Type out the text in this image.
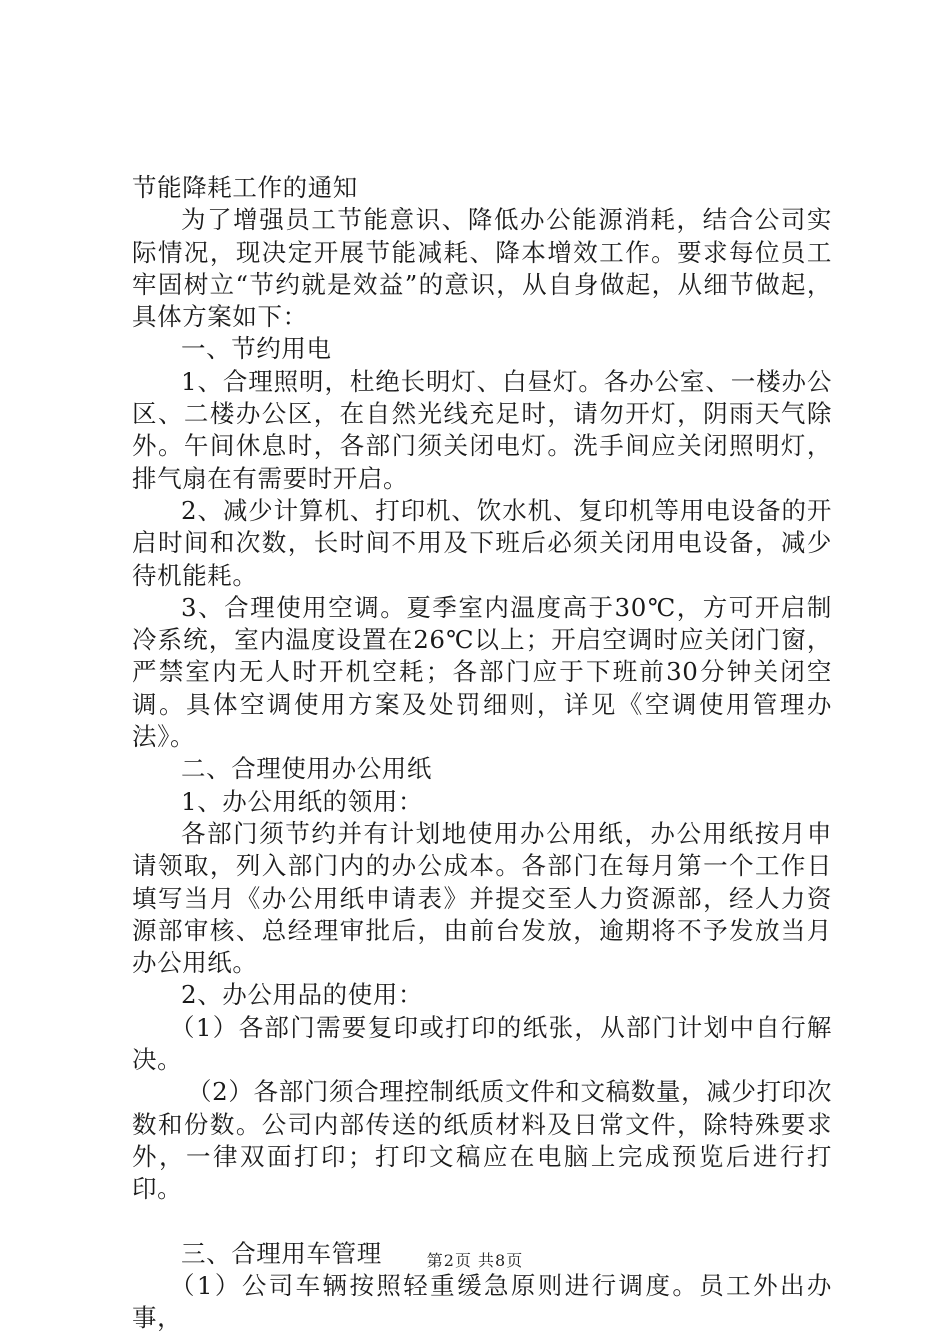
节能降耗工作的通知

为了增强员工节能意识、降低办公能源消耗，结合公司实际情况，现决定开展节能减耗、降本增效工作。要求每位员工牢固树立“节约就是效益”的意识，从自身做起，从细节做起，具体方案如下：

一、节约用电

1、合理照明，杜绝长明灯、白昼灯。各办公室、一楼办公区、二楼办公区，在自然光线充足时，请勿开灯，阴雨天气除外。午间休息时，各部门须关闭电灯。洗手间应关闭照明灯，排气扇在有需要时开启。

2、减少计算机、打印机、饮水机、复印机等用电设备的开启时间和次数，长时间不用及下班后必须关闭用电设备，减少待机能耗。

3、合理使用空调。夏季室内温度高于30℃，方可开启制冷系统，室内温度设置在26℃以上；开启空调时应关闭门窗，严禁室内无人时开机空耗；各部门应于下班前30分钟关闭空调。具体空调使用方案及处罚细则，详见《空调使用管理办法》。

二、合理使用办公用纸

1、办公用纸的领用：

各部门须节约并有计划地使用办公用纸，办公用纸按月申请领取，列入部门内的办公成本。各部门在每月第一个工作日填写当月《办公用纸申请表》并提交至人力资源部，经人力资源部审核、总经理审批后，由前台发放，逾期将不予发放当月办公用纸。

2、办公用品的使用：

（1）各部门需要复印或打印的纸张，从部门计划中自行解决。

（2）各部门须合理控制纸质文件和文稿数量，减少打印次数和份数。公司内部传送的纸质材料及日常文件，除特殊要求外，一律双面打印；打印文稿应在电脑上完成预览后进行打印。

三、合理用车管理

（1）公司车辆按照轻重缓急原则进行调度。员工外出办事，

第2页 共8页
